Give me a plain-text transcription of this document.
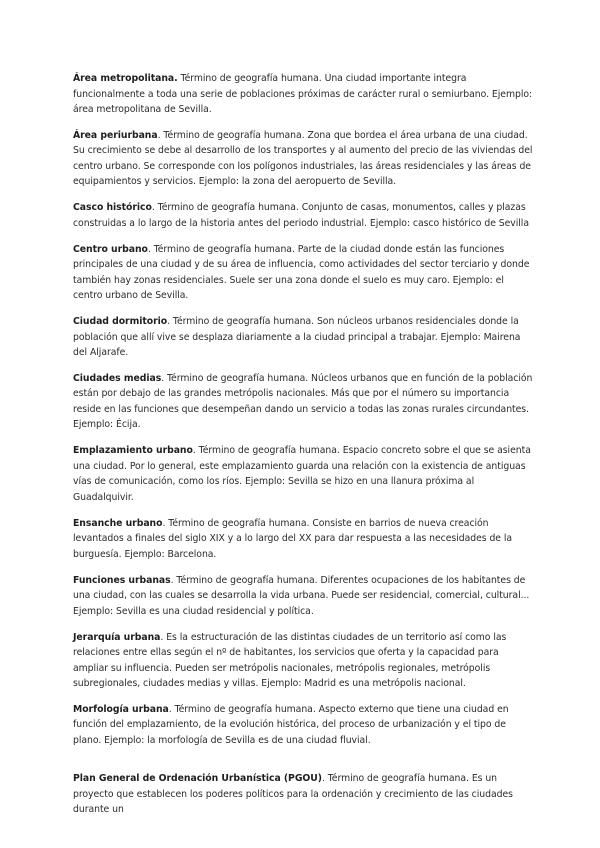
Área metropolitana. Término de geografía humana. Una ciudad importante integra funcionalmente a toda una serie de poblaciones próximas de carácter rural o semiurbano. Ejemplo: área metropolitana de Sevilla.

Área periurbana. Término de geografía humana. Zona que bordea el área urbana de una ciudad. Su crecimiento se debe al desarrollo de los transportes y al aumento del precio de las viviendas del centro urbano. Se corresponde con los polígonos industriales, las áreas residenciales y las áreas de equipamientos y servicios. Ejemplo: la zona del aeropuerto de Sevilla.

Casco histórico. Término de geografía humana. Conjunto de casas, monumentos, calles y plazas construidas a lo largo de la historia antes del periodo industrial. Ejemplo: casco histórico de Sevilla

Centro urbano. Término de geografía humana. Parte de la ciudad donde están las funciones principales de una ciudad y de su área de influencia, como actividades del sector terciario y donde también hay zonas residenciales. Suele ser una zona donde el suelo es muy caro. Ejemplo: el centro urbano de Sevilla.

Ciudad dormitorio. Término de geografía humana. Son núcleos urbanos residenciales donde la población que allí vive se desplaza diariamente a la ciudad principal a trabajar. Ejemplo: Mairena del Aljarafe.

Ciudades medias. Término de geografía humana. Núcleos urbanos que en función de la población están por debajo de las grandes metrópolis nacionales. Más que por el número su importancia reside en las funciones que desempeñan dando un servicio a todas las zonas rurales circundantes. Ejemplo: Écija.

Emplazamiento urbano. Término de geografía humana. Espacio concreto sobre el que se asienta una ciudad. Por lo general, este emplazamiento guarda una relación con la existencia de antiguas vías de comunicación, como los ríos. Ejemplo: Sevilla se hizo en una llanura próxima al Guadalquivir.

Ensanche urbano. Término de geografía humana. Consiste en barrios de nueva creación levantados a finales del siglo XIX y a lo largo del XX para dar respuesta a las necesidades de la burguesía. Ejemplo: Barcelona.

Funciones urbanas. Término de geografía humana. Diferentes ocupaciones de los habitantes de una ciudad, con las cuales se desarrolla la vida urbana. Puede ser residencial, comercial, cultural... Ejemplo: Sevilla es una ciudad residencial y política.

Jerarquía urbana. Es la estructuración de las distintas ciudades de un territorio así como las relaciones entre ellas según el nº de habitantes, los servicios que oferta y la capacidad para ampliar su influencia. Pueden ser metrópolis nacionales, metrópolis regionales, metrópolis subregionales, ciudades medias y villas. Ejemplo: Madrid es una metrópolis nacional.

Morfología urbana. Término de geografía humana. Aspecto externo que tiene una ciudad en función del emplazamiento, de la evolución histórica, del proceso de urbanización y el tipo de plano. Ejemplo: la morfología de Sevilla es de una ciudad fluvial.

Plan General de Ordenación Urbanística (PGOU). Término de geografía humana. Es un proyecto que establecen los poderes políticos para la ordenación y crecimiento de las ciudades durante un
